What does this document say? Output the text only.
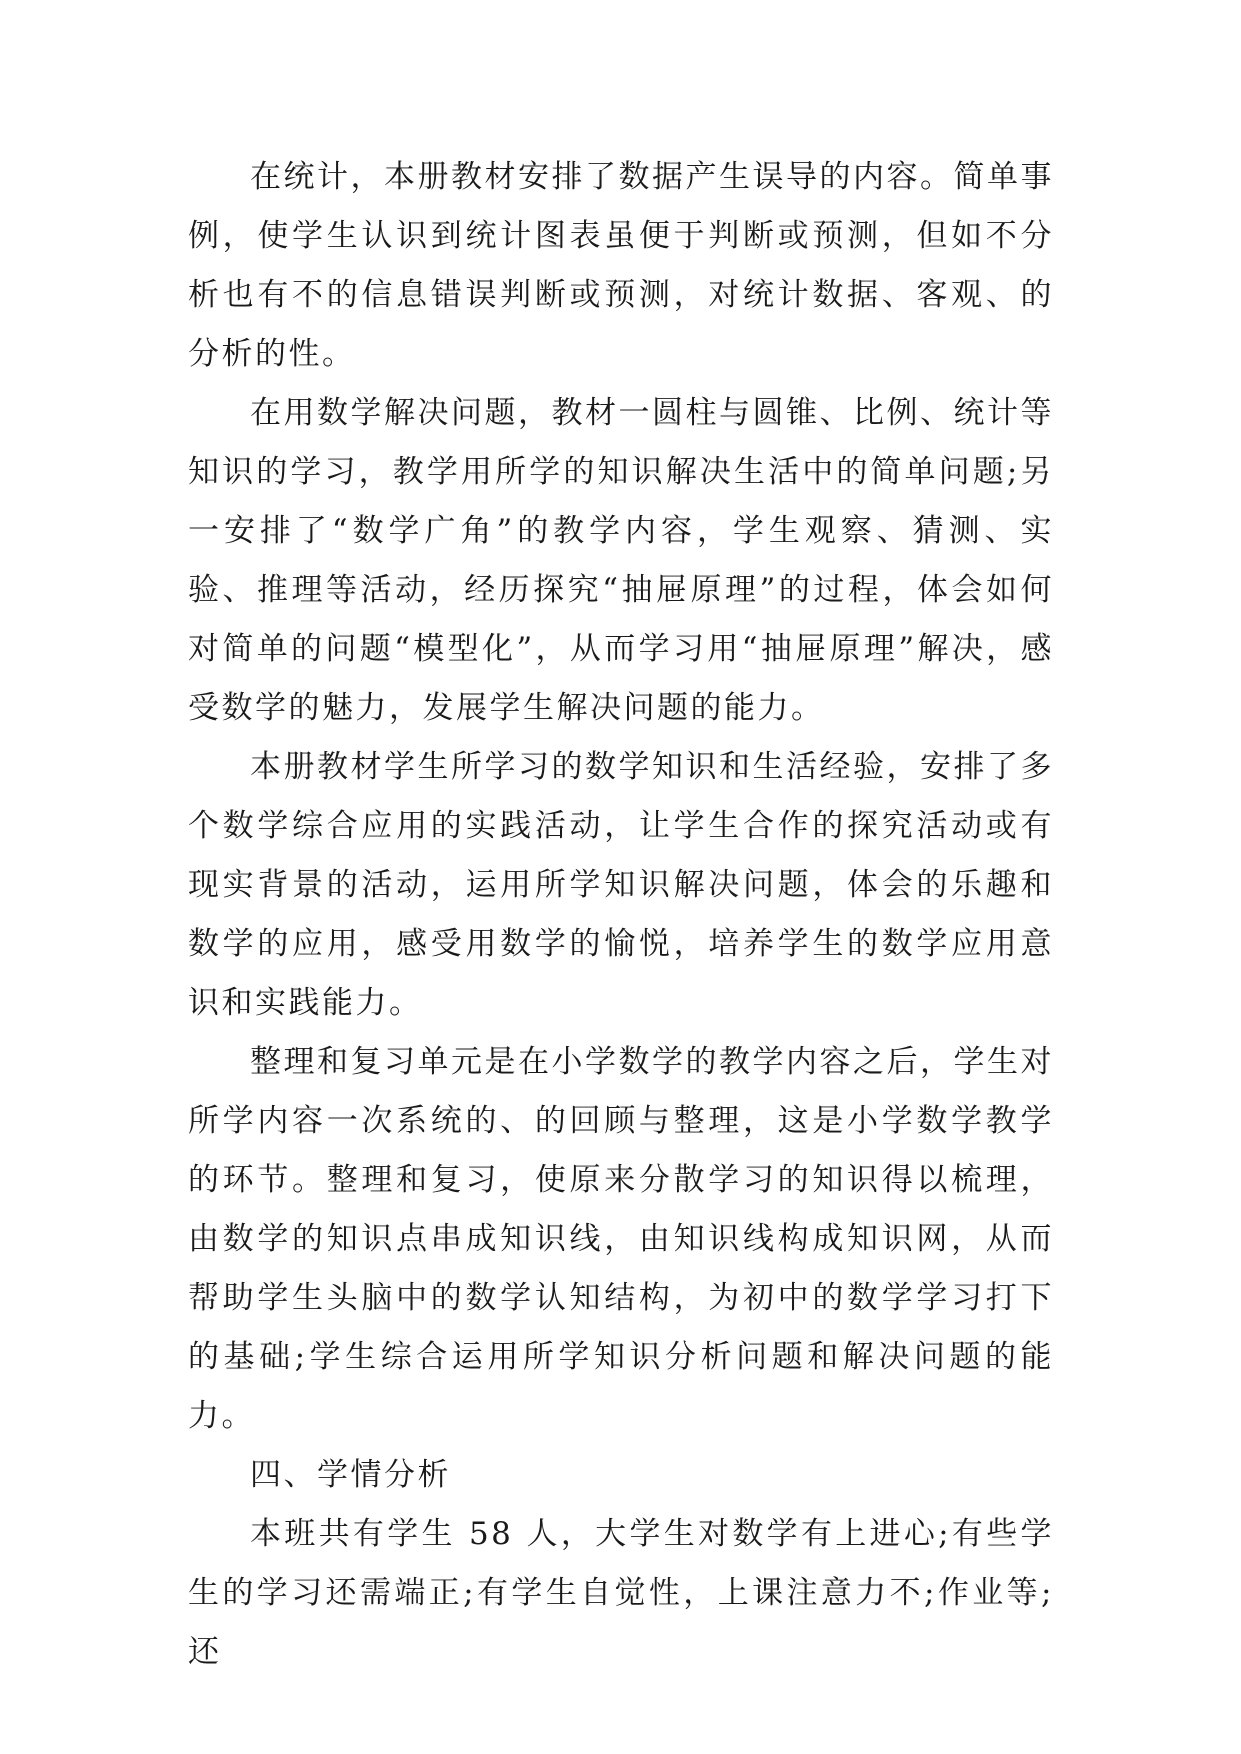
在统计，本册教材安排了数据产生误导的内容。简单事例，使学生认识到统计图表虽便于判断或预测，但如不分析也有不的信息错误判断或预测，对统计数据、客观、的分析的性。

在用数学解决问题，教材一圆柱与圆锥、比例、统计等知识的学习，教学用所学的知识解决生活中的简单问题;另一安排了“数学广角”的教学内容，学生观察、猜测、实验、推理等活动，经历探究“抽屉原理”的过程，体会如何对简单的问题“模型化”，从而学习用“抽屉原理”解决，感受数学的魅力，发展学生解决问题的能力。

本册教材学生所学习的数学知识和生活经验，安排了多个数学综合应用的实践活动，让学生合作的探究活动或有现实背景的活动，运用所学知识解决问题，体会的乐趣和数学的应用，感受用数学的愉悦，培养学生的数学应用意识和实践能力。

整理和复习单元是在小学数学的教学内容之后，学生对所学内容一次系统的、的回顾与整理，这是小学数学教学的环节。整理和复习，使原来分散学习的知识得以梳理，由数学的知识点串成知识线，由知识线构成知识网，从而帮助学生头脑中的数学认知结构，为初中的数学学习打下的基础;学生综合运用所学知识分析问题和解决问题的能力。

四、学情分析

本班共有学生 58 人，大学生对数学有上进心;有些学生的学习还需端正;有学生自觉性，上课注意力不;作业等;还
